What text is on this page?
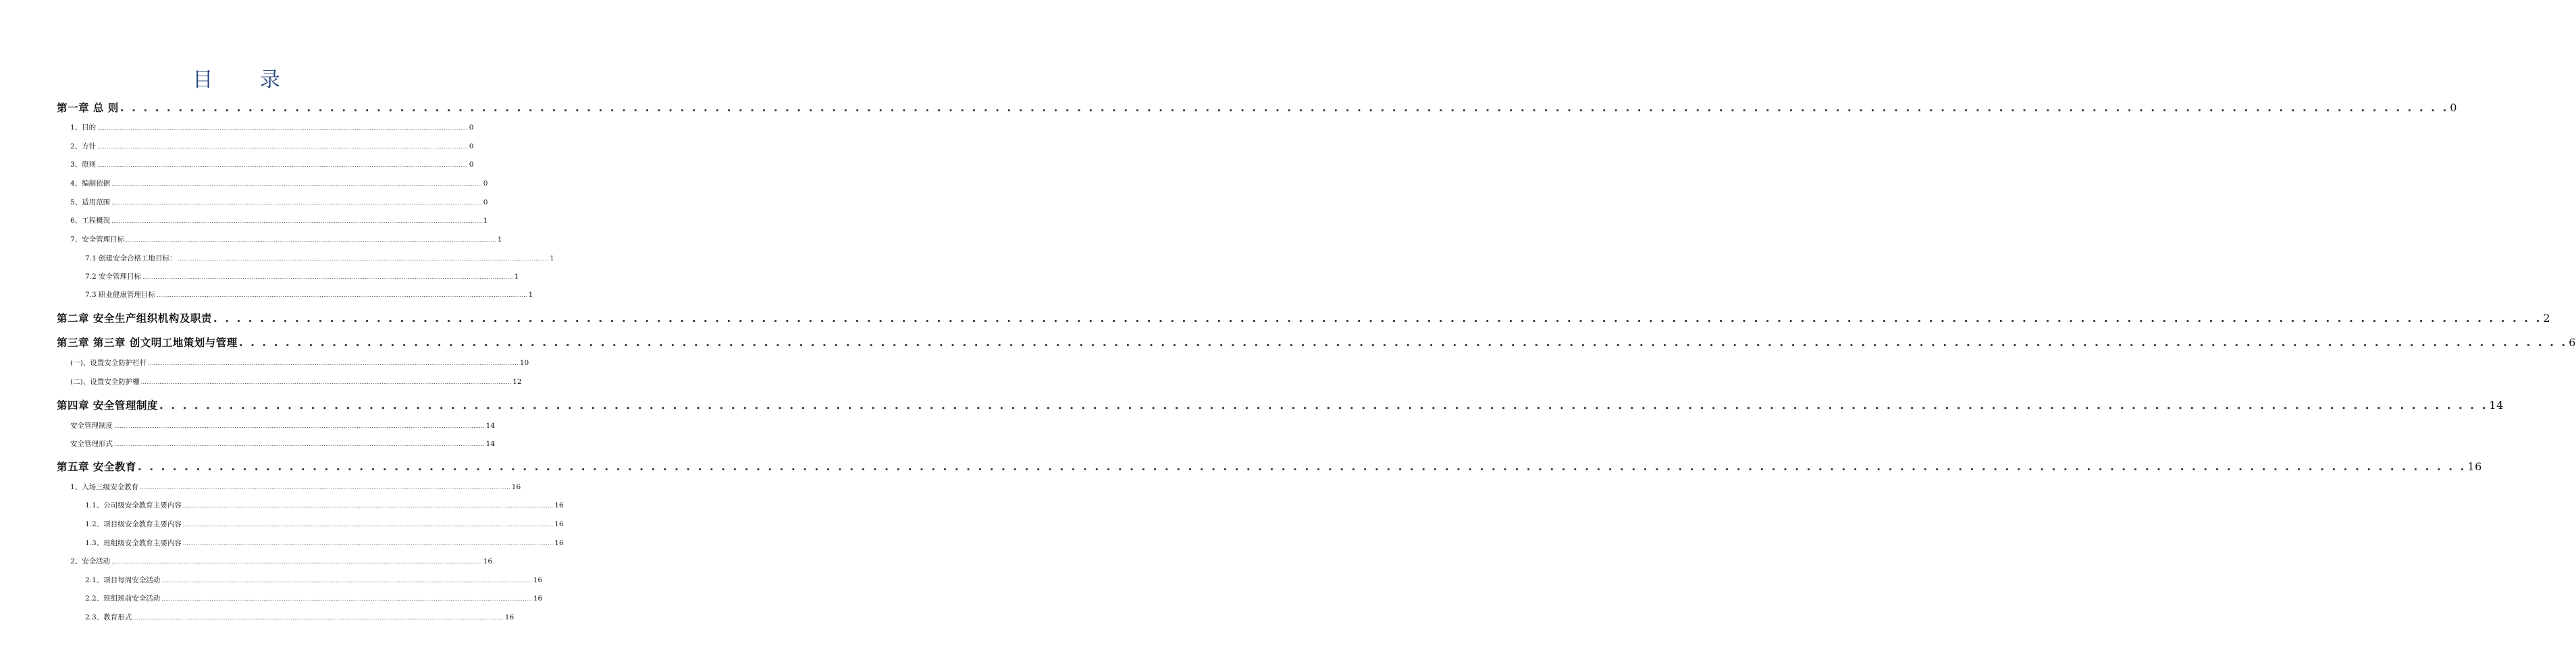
目 录
第一章 总 则 . . . . . . . . . . . . . . . . . . . . . . . . . . . . . . . . . . . . . . . . . . . . . . . . . . . . . . . . . . . . . . . . . . . . . . . . . . . . . . . . . . . . . . . . . . . . . . . . . . . . . . . . . . . . . . . . . . . . . . . . . . . . . . . . . . . . . . . . . . . . . . . . . . . . . . . . . . . . . . . . . . . . . . . . . . . . . . . . . . . . . . . . . . . . . . . . . . . . . . . . 0
1、目的 ........................................................................................................................................................................................................ 0
2、方针 ........................................................................................................................................................................................................ 0
3、原则 ........................................................................................................................................................................................................ 0
4、编制依据 ........................................................................................................................................................................................................ 0
5、适用范围 ........................................................................................................................................................................................................ 0
6、工程概况 ........................................................................................................................................................................................................ 1
7、安全管理目标 ........................................................................................................................................................................................................ 1
7.1 创建安全合格工地目标： ........................................................................................................................................................................................................ 1
7.2 安全管理目标 ........................................................................................................................................................................................................ 1
7.3 职业健康管理目标 ........................................................................................................................................................................................................ 1
第二章 安全生产组织机构及职责 . . . . . . . . . . . . . . . . . . . . . . . . . . . . . . . . . . . . . . . . . . . . . . . . . . . . . . . . . . . . . . . . . . . . . . . . . . . . . . . . . . . . . . . . . . . . . . . . . . . . . . . . . . . . . . . . . . . . . . . . . . . . . . . . . . . . . . . . . . . . . . . . . . . . . . . . . . . . . . . . . . . . . . . . . . . . . . . . . . . . . . . . . . . . . . . . . . . . . . . . 2
第三章 第三章 创文明工地策划与管理 . . . . . . . . . . . . . . . . . . . . . . . . . . . . . . . . . . . . . . . . . . . . . . . . . . . . . . . . . . . . . . . . . . . . . . . . . . . . . . . . . . . . . . . . . . . . . . . . . . . . . . . . . . . . . . . . . . . . . . . . . . . . . . . . . . . . . . . . . . . . . . . . . . . . . . . . . . . . . . . . . . . . . . . . . . . . . . . . . . . . . . . . . . . . . . . . . . . . . . . . 6
(一)、设置安全防护栏杆 ........................................................................................................................................................................................................ 10
(二)、设置安全防护棚 ........................................................................................................................................................................................................ 12
第四章 安全管理制度 . . . . . . . . . . . . . . . . . . . . . . . . . . . . . . . . . . . . . . . . . . . . . . . . . . . . . . . . . . . . . . . . . . . . . . . . . . . . . . . . . . . . . . . . . . . . . . . . . . . . . . . . . . . . . . . . . . . . . . . . . . . . . . . . . . . . . . . . . . . . . . . . . . . . . . . . . . . . . . . . . . . . . . . . . . . . . . . . . . . . . . . . . . . . . . . . . . . . . . . . 14
安全管理制度 ........................................................................................................................................................................................................ 14
安全管理形式 ........................................................................................................................................................................................................ 14
第五章 安全教育 . . . . . . . . . . . . . . . . . . . . . . . . . . . . . . . . . . . . . . . . . . . . . . . . . . . . . . . . . . . . . . . . . . . . . . . . . . . . . . . . . . . . . . . . . . . . . . . . . . . . . . . . . . . . . . . . . . . . . . . . . . . . . . . . . . . . . . . . . . . . . . . . . . . . . . . . . . . . . . . . . . . . . . . . . . . . . . . . . . . . . . . . . . . . . . . . . . . . . . . . 16
1、入场三级安全教育 ........................................................................................................................................................................................................ 16
1.1、公司级安全教育主要内容 ........................................................................................................................................................................................................ 16
1.2、项目级安全教育主要内容 ........................................................................................................................................................................................................ 16
1.3、班组级安全教育主要内容 ........................................................................................................................................................................................................ 16
2、安全活动 ........................................................................................................................................................................................................ 16
2.1、项目每周安全活动 ........................................................................................................................................................................................................ 16
2.2、班组班前安全活动 ........................................................................................................................................................................................................ 16
2.3、教育形式 ........................................................................................................................................................................................................ 16
